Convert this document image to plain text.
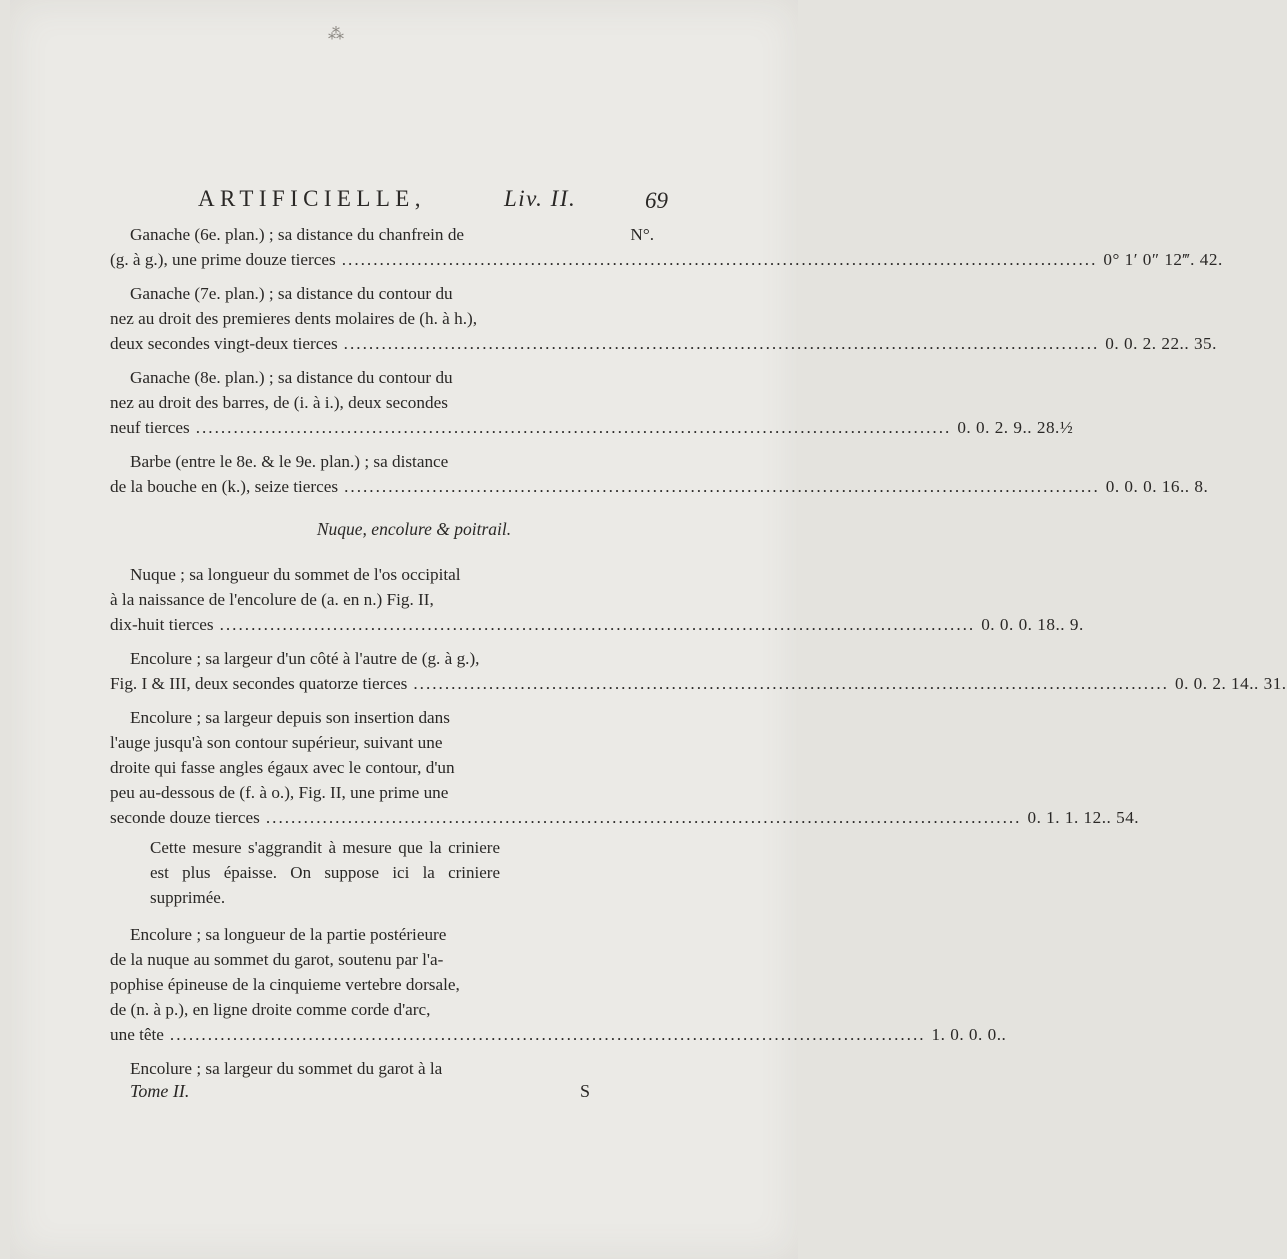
⁂
ARTIFICIELLE,	Liv. II.	69
N°.
Ganache (6e. plan.) ; sa distance du chanfrein de
(g. à g.), une prime douze tierces ........................................................................................................................ 0° 1′ 0″ 12‴. 42.
Ganache (7e. plan.) ; sa distance du contour du
nez au droit des premieres dents molaires de (h. à h.),
deux secondes vingt-deux tierces ........................................................................................................................ 0. 0. 2. 22.. 35.
Ganache (8e. plan.) ; sa distance du contour du
nez au droit des barres, de (i. à i.), deux secondes
neuf tierces ........................................................................................................................ 0. 0. 2. 9.. 28.½
Barbe (entre le 8e. & le 9e. plan.) ; sa distance
de la bouche en (k.), seize tierces ........................................................................................................................ 0. 0. 0. 16.. 8.
Nuque, encolure & poitrail.
Nuque ; sa longueur du sommet de l'os occipital
à la naissance de l'encolure de (a. en n.) Fig. II,
dix-huit tierces ........................................................................................................................ 0. 0. 0. 18.. 9.
Encolure ; sa largeur d'un côté à l'autre de (g. à g.),
Fig. I & III, deux secondes quatorze tierces ........................................................................................................................ 0. 0. 2. 14.. 31.
Encolure ; sa largeur depuis son insertion dans
l'auge jusqu'à son contour supérieur, suivant une
droite qui fasse angles égaux avec le contour, d'un
peu au-dessous de (f. à o.), Fig. II, une prime une
seconde douze tierces ........................................................................................................................ 0. 1. 1. 12.. 54.
Cette mesure s'aggrandit à mesure que la criniere est plus épaisse. On suppose ici la criniere supprimée.
Encolure ; sa longueur de la partie postérieure
de la nuque au sommet du garot, soutenu par l'a-
pophise épineuse de la cinquieme vertebre dorsale,
de (n. à p.), en ligne droite comme corde d'arc,
une tête ........................................................................................................................ 1. 0. 0. 0..
Encolure ; sa largeur du sommet du garot à la
Tome II.	S
